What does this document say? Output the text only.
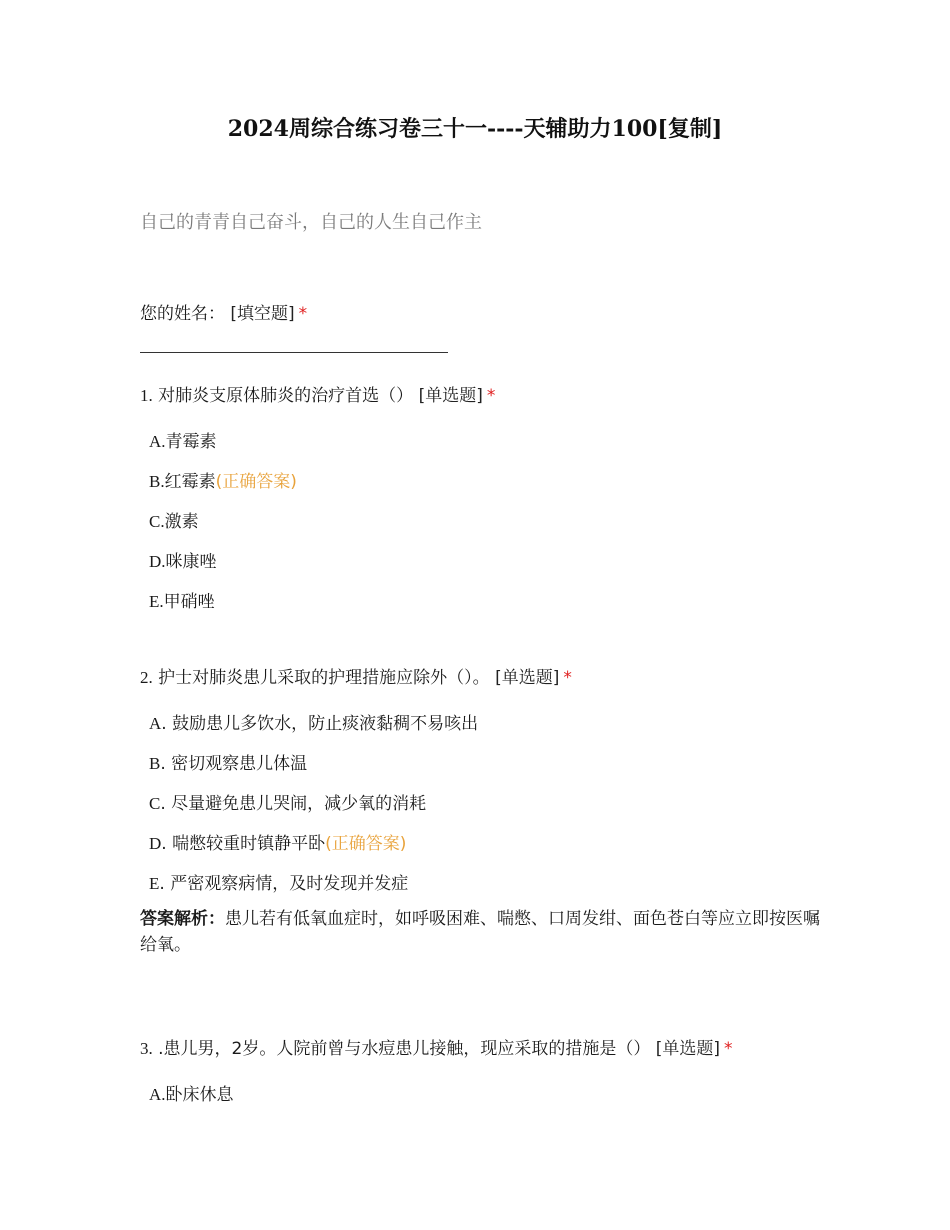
2024周综合练习卷三十一----天辅助力100[复制]
自己的青青自己奋斗，自己的人生自己作主
您的姓名： [填空题] *
1. 对肺炎支原体肺炎的治疗首选（） [单选题] *
A.青霉素
B.红霉素(正确答案)
C.激素
D.咪康唑
E.甲硝唑
2. 护士对肺炎患儿采取的护理措施应除外（）。 [单选题] *
A. 鼓励患儿多饮水，防止痰液黏稠不易咳出
B. 密切观察患儿体温
C. 尽量避免患儿哭闹，减少氧的消耗
D. 喘憋较重时镇静平卧(正确答案)
E. 严密观察病情，及时发现并发症
答案解析：患儿若有低氧血症时，如呼吸困难、喘憋、口周发绀、面色苍白等应立即按医嘱给氧。
3. .患儿男，2岁。人院前曾与水痘患儿接触，现应采取的措施是（） [单选题] *
A.卧床休息
